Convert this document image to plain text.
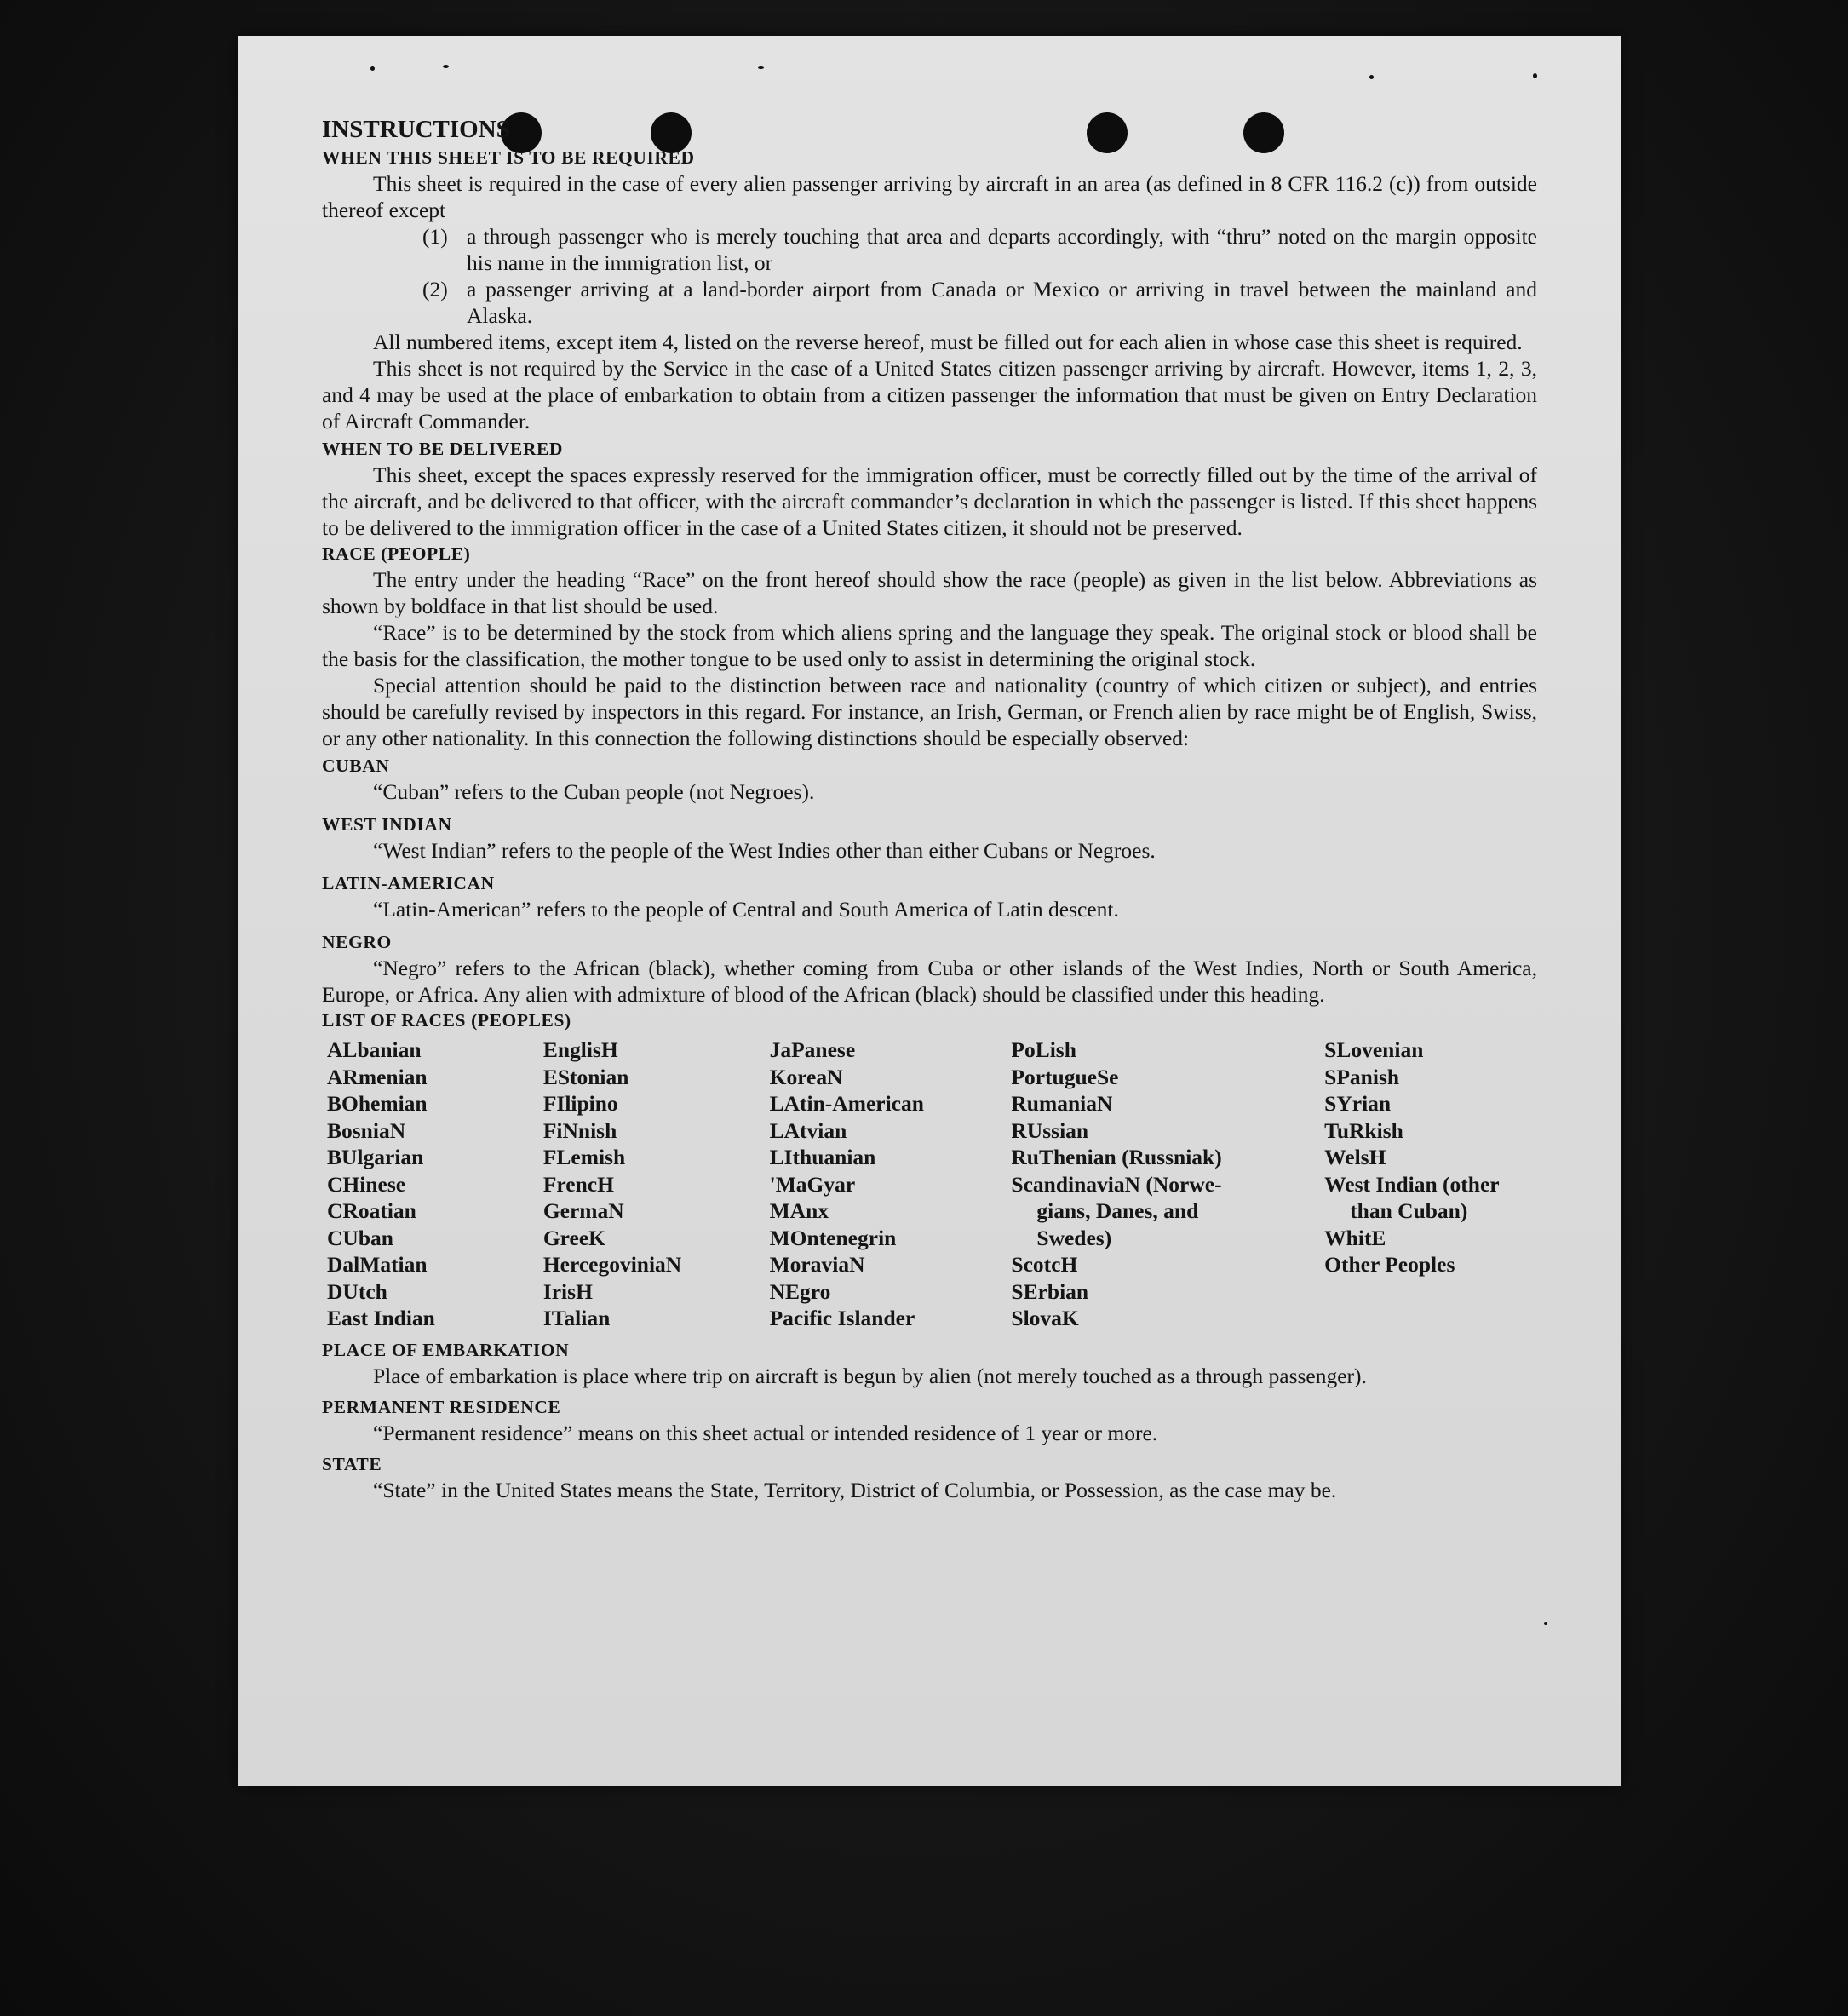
INSTRUCTIONS

WHEN THIS SHEET IS TO BE REQUIRED

This sheet is required in the case of every alien passenger arriving by aircraft in an area (as defined in 8 CFR 116.2 (c)) from outside thereof except

(1) a through passenger who is merely touching that area and departs accordingly, with “thru” noted on the margin opposite his name in the immigration list, or
(2) a passenger arriving at a land-border airport from Canada or Mexico or arriving in travel between the mainland and Alaska.

All numbered items, except item 4, listed on the reverse hereof, must be filled out for each alien in whose case this sheet is required.

This sheet is not required by the Service in the case of a United States citizen passenger arriving by aircraft. However, items 1, 2, 3, and 4 may be used at the place of embarkation to obtain from a citizen passenger the information that must be given on Entry Declaration of Aircraft Commander.

WHEN TO BE DELIVERED

This sheet, except the spaces expressly reserved for the immigration officer, must be correctly filled out by the time of the arrival of the aircraft, and be delivered to that officer, with the aircraft commander’s declaration in which the passenger is listed. If this sheet happens to be delivered to the immigration officer in the case of a United States citizen, it should not be preserved.

RACE (PEOPLE)

The entry under the heading “Race” on the front hereof should show the race (people) as given in the list below. Abbreviations as shown by boldface in that list should be used.

“Race” is to be determined by the stock from which aliens spring and the language they speak. The original stock or blood shall be the basis for the classification, the mother tongue to be used only to assist in determining the original stock.

Special attention should be paid to the distinction between race and nationality (country of which citizen or subject), and entries should be carefully revised by inspectors in this regard. For instance, an Irish, German, or French alien by race might be of English, Swiss, or any other nationality. In this connection the following distinctions should be especially observed:

CUBAN

“Cuban” refers to the Cuban people (not Negroes).

WEST INDIAN

“West Indian” refers to the people of the West Indies other than either Cubans or Negroes.

LATIN-AMERICAN

“Latin-American” refers to the people of Central and South America of Latin descent.

NEGRO

“Negro” refers to the African (black), whether coming from Cuba or other islands of the West Indies, North or South America, Europe, or Africa. Any alien with admixture of blood of the African (black) should be classified under this heading.

LIST OF RACES (PEOPLES)

ALbanian
ARmenian
BOhemian
BosniaN
BUlgarian
CHinese
CRoatian
CUban
DalMatian
DUtch
East Indian
EnglisH
EStonian
FIlipino
FiNnish
FLemish
FrencH
GermaN
GreeK
HercegoviniaN
IrisH
ITalian
JaPanese
KoreaN
LAtin-American
LAtvian
LIthuanian
'MaGyar
MAnx
MOntenegrin
MoraviaN
NEgro
Pacific Islander
PoLish
PortugueSe
RumaniaN
RUssian
RuThenian (Russniak)
ScandinaviaN (Norwe-
gians, Danes, and
Swedes)
ScotcH
SErbian
SlovaK
SLovenian
SPanish
SYrian
TuRkish
WelsH
West Indian (other
than Cuban)
WhitE
Other Peoples

PLACE OF EMBARKATION

Place of embarkation is place where trip on aircraft is begun by alien (not merely touched as a through passenger).

PERMANENT RESIDENCE

“Permanent residence” means on this sheet actual or intended residence of 1 year or more.

STATE

“State” in the United States means the State, Territory, District of Columbia, or Possession, as the case may be.
